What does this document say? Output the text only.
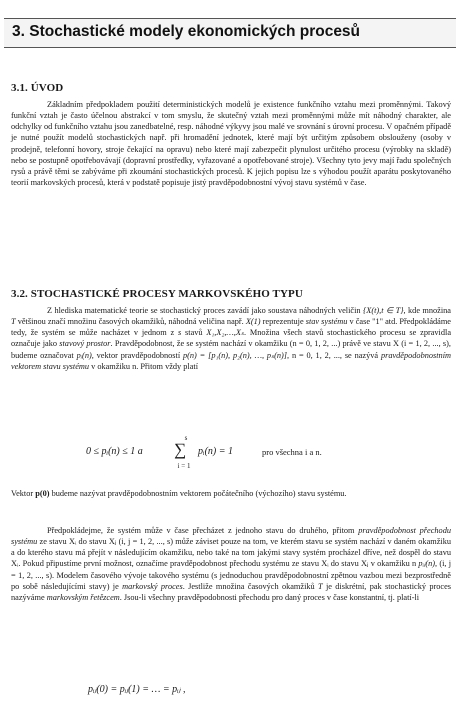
3. Stochastické modely ekonomických procesů
3.1. ÚVOD

Základním předpokladem použití deterministických modelů je existence funkčního vztahu mezi proměnnými. Takový funkční vztah je často účelnou abstrakcí v tom smyslu, že skutečný vztah mezi proměnnými může mít náhodný charakter, ale odchylky od funkčního vztahu jsou zanedbatelné, resp. náhodné výkyvy jsou malé ve srovnání s úrovní procesu. V opačném případě je nutné použít modelů stochastických např. při hromadění jednotek, které mají být určitým způsobem obslouženy (osoby v prodejně, telefonní hovory, stroje čekající na opravu) nebo které mají zabezpečit plynulost určitého procesu (výrobky na skladě) nebo se postupně opotřebovávají (dopravní prostředky, vyřazované a opotřebované stroje). Všechny tyto jevy mají řadu společných rysů a právě těmi se zabýváme při zkoumání stochastických procesů. K jejich popisu lze s výhodou použít aparátu poskytovaného teorií markovských procesů, která v podstatě popisuje jistý pravděpodobnostní vývoj stavu systémů v čase.

3.2. STOCHASTICKÉ PROCESY MARKOVSKÉHO TYPU

Z hlediska matematické teorie se stochastický proces zavádí jako soustava náhodných veličin {X(t),t ∈ T}, kde množina T většinou značí množinu časových okamžiků, náhodná veličina např. X(1) reprezentuje stav systému v čase "1" atd. Předpokládáme tedy, že systém se může nacházet v jednom z s stavů X₁,X₂,…,Xₛ. Množina všech stavů stochastického procesu se zpravidla označuje jako stavový prostor. Pravděpodobnost, že se systém nachází v okamžiku (n = 0, 1, 2, ...) právě ve stavu X (i = 1, 2, ..., s), budeme označovat pᵢ(n), vektor pravděpodobností p(n) = [p₁(n), p₂(n), …, pₛ(n)], n = 0, 1, 2, ..., se nazývá pravděpodobnostním vektorem stavu systému v okamžiku n. Přitom vždy platí

0 ≤ pᵢ(n) ≤ 1 a
s
∑
i = 1
pᵢ(n) = 1	pro všechna i a n.

Vektor p(0) budeme nazývat pravděpodobnostním vektorem počátečního (výchozího) stavu systému.

Předpokládejme, že systém může v čase přecházet z jednoho stavu do druhého, přitom pravděpodobnost přechodu systému ze stavu Xᵢ do stavu Xⱼ (i, j = 1, 2, ..., s) může záviset pouze na tom, ve kterém stavu se systém nachází v daném okamžiku a do kterého stavu má přejít v následujícím okamžiku, nebo také na tom jakými stavy systém procházel dříve, než dospěl do stavu Xᵢ. Pokud připustíme první možnost, označíme pravděpodobnost přechodu systému ze stavu Xᵢ do stavu Xⱼ v okamžiku n pᵢⱼ(n), (i, j = 1, 2, ..., s). Modelem časového vývoje takového systému (s jednoduchou pravděpodobnostní zpětnou vazbou mezi bezprostředně po sobě následujícími stavy) je markovský proces. Jestliže množina časových okamžiků T je diskrétní, pak stochastický proces nazýváme markovským řetězcem. Jsou-li všechny pravděpodobnosti přechodu pro daný proces v čase konstantní, tj. platí-li

pᵢⱼ(0) = pᵢⱼ(1) = … = pᵢⱼ ,
